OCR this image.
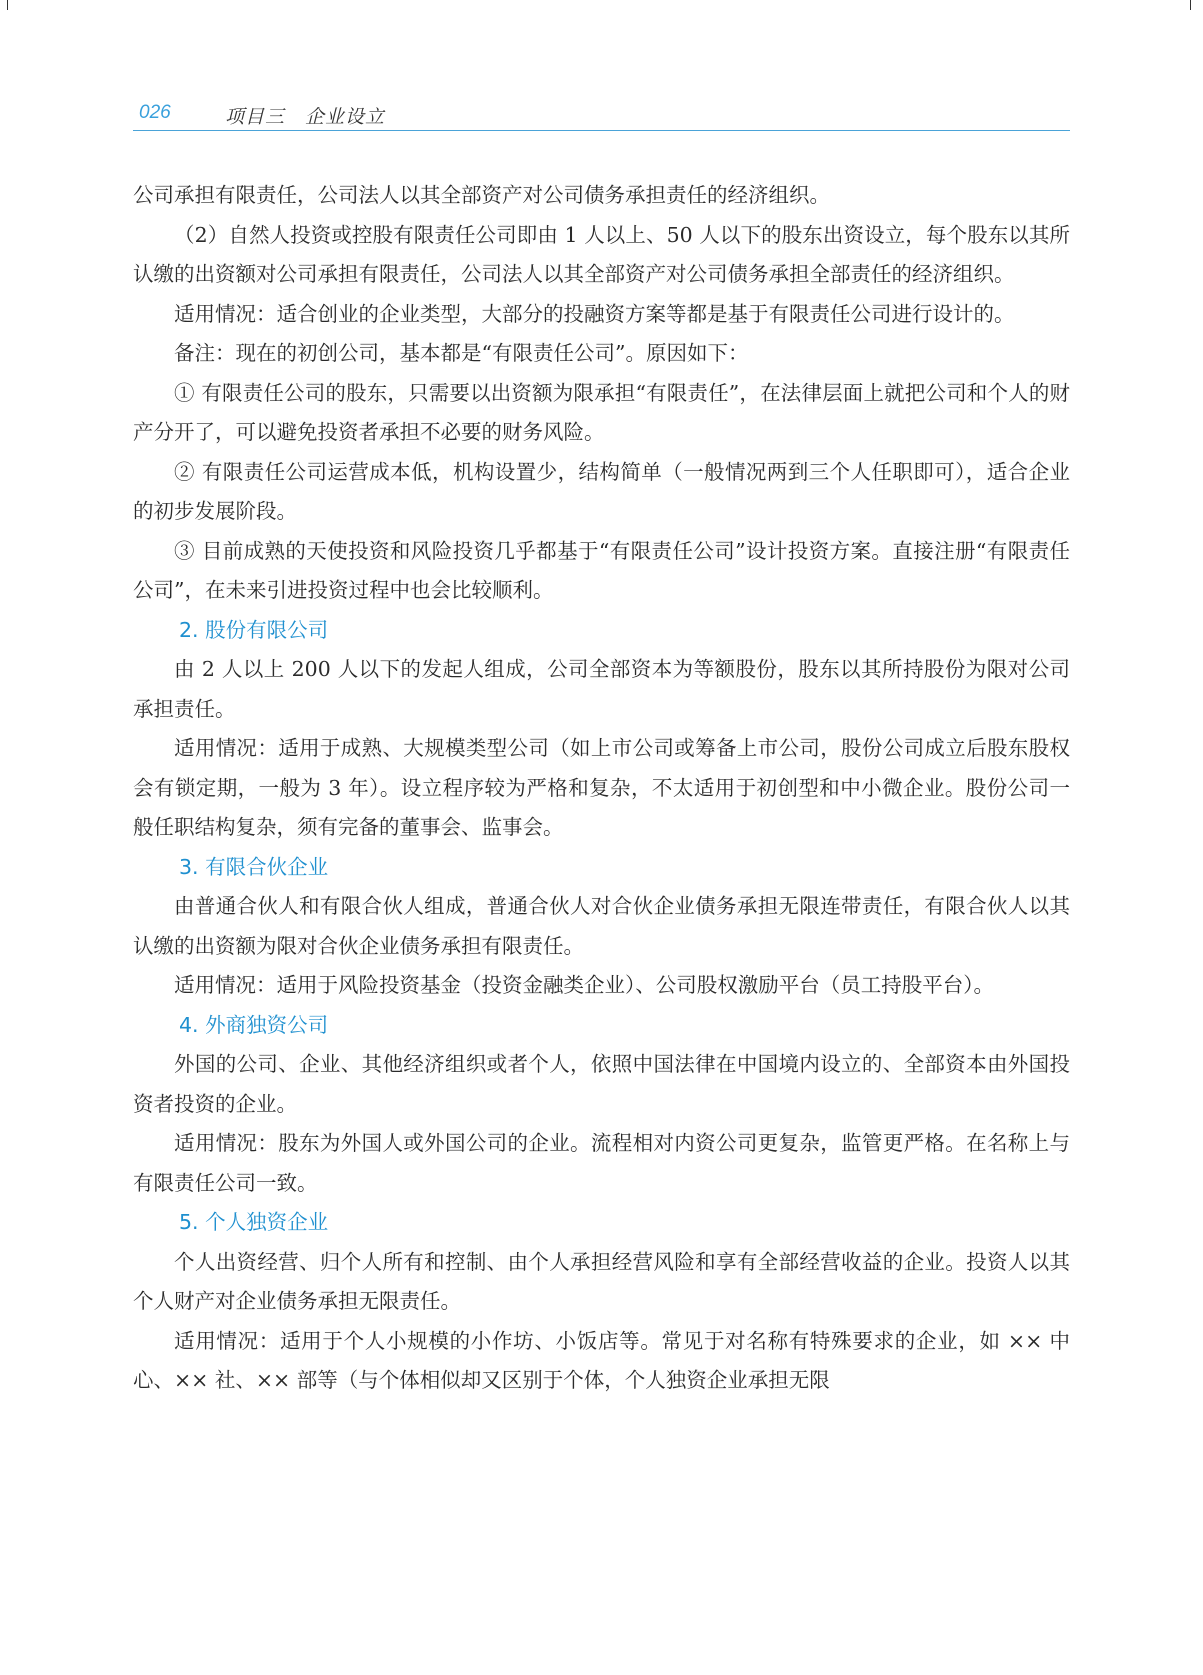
026	项目三　企业设立

公司承担有限责任，公司法人以其全部资产对公司债务承担责任的经济组织。

（2）自然人投资或控股有限责任公司即由 1 人以上、50 人以下的股东出资设立，每个股东以其所认缴的出资额对公司承担有限责任，公司法人以其全部资产对公司债务承担全部责任的经济组织。

适用情况：适合创业的企业类型，大部分的投融资方案等都是基于有限责任公司进行设计的。

备注：现在的初创公司，基本都是“有限责任公司”。原因如下：

① 有限责任公司的股东，只需要以出资额为限承担“有限责任”，在法律层面上就把公司和个人的财产分开了，可以避免投资者承担不必要的财务风险。

② 有限责任公司运营成本低，机构设置少，结构简单（一般情况两到三个人任职即可），适合企业的初步发展阶段。

③ 目前成熟的天使投资和风险投资几乎都基于“有限责任公司”设计投资方案。直接注册“有限责任公司”，在未来引进投资过程中也会比较顺利。

2. 股份有限公司

由 2 人以上 200 人以下的发起人组成，公司全部资本为等额股份，股东以其所持股份为限对公司承担责任。

适用情况：适用于成熟、大规模类型公司（如上市公司或筹备上市公司，股份公司成立后股东股权会有锁定期，一般为 3 年）。设立程序较为严格和复杂，不太适用于初创型和中小微企业。股份公司一般任职结构复杂，须有完备的董事会、监事会。

3. 有限合伙企业

由普通合伙人和有限合伙人组成，普通合伙人对合伙企业债务承担无限连带责任，有限合伙人以其认缴的出资额为限对合伙企业债务承担有限责任。

适用情况：适用于风险投资基金（投资金融类企业）、公司股权激励平台（员工持股平台）。

4. 外商独资公司

外国的公司、企业、其他经济组织或者个人，依照中国法律在中国境内设立的、全部资本由外国投资者投资的企业。

适用情况：股东为外国人或外国公司的企业。流程相对内资公司更复杂，监管更严格。在名称上与有限责任公司一致。

5. 个人独资企业

个人出资经营、归个人所有和控制、由个人承担经营风险和享有全部经营收益的企业。投资人以其个人财产对企业债务承担无限责任。

适用情况：适用于个人小规模的小作坊、小饭店等。常见于对名称有特殊要求的企业，如 ×× 中心、×× 社、×× 部等（与个体相似却又区别于个体，个人独资企业承担无限
